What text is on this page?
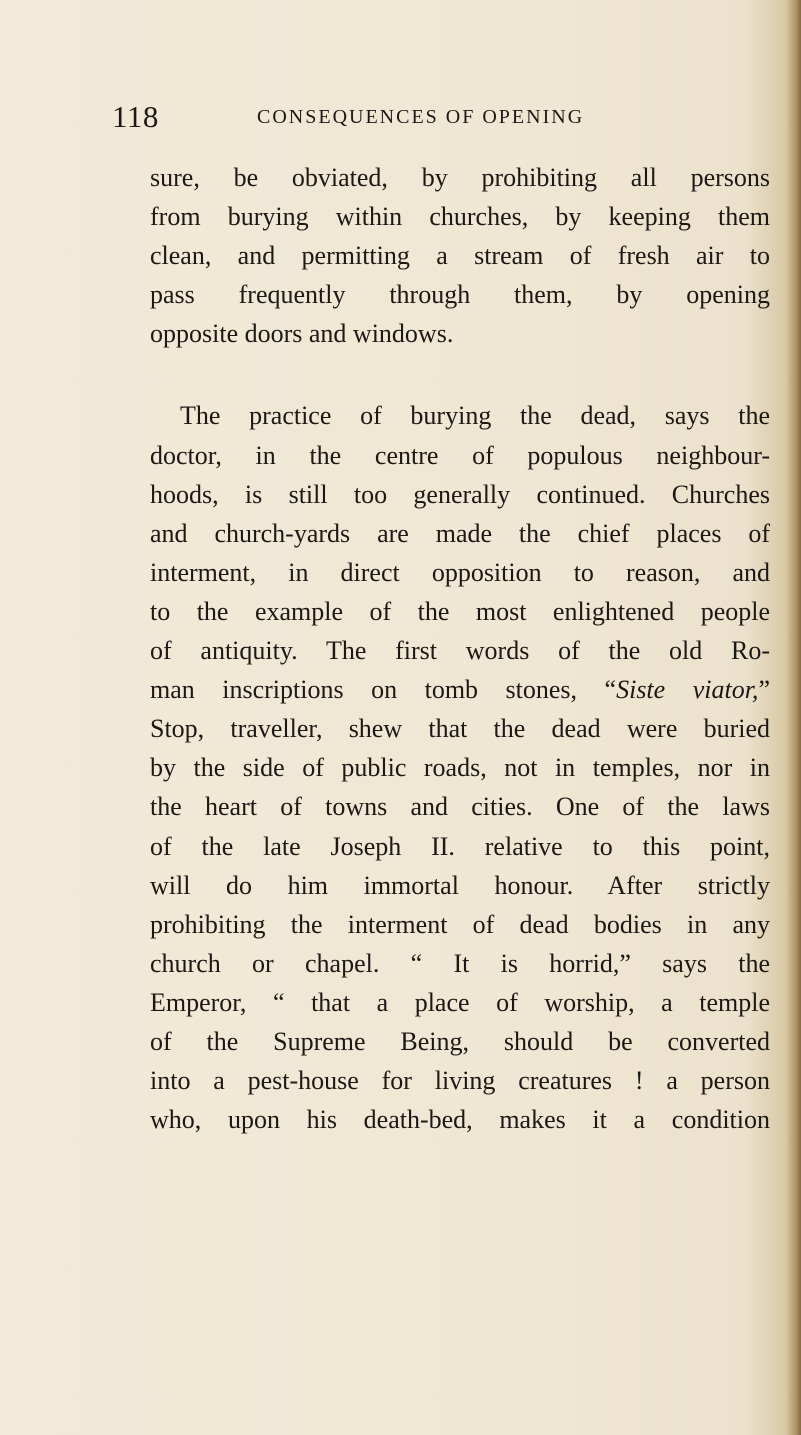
118	CONSEQUENCES OF OPENING
sure, be obviated, by prohibiting all persons
from burying within churches, by keeping them
clean, and permitting a stream of fresh air to
pass frequently through them, by opening
opposite doors and windows.
The practice of burying the dead, says the
doctor, in the centre of populous neighbour-
hoods, is still too generally continued. Churches
and church-yards are made the chief places of
interment, in direct opposition to reason, and
to the example of the most enlightened people
of antiquity. The first words of the old Ro-
man inscriptions on tomb stones, “Siste viator,”
Stop, traveller, shew that the dead were buried
by the side of public roads, not in temples, nor in
the heart of towns and cities. One of the laws
of the late Joseph II. relative to this point,
will do him immortal honour. After strictly
prohibiting the interment of dead bodies in any
church or chapel. “ It is horrid,” says the
Emperor, “ that a place of worship, a temple
of the Supreme Being, should be converted
into a pest-house for living creatures ! a person
who, upon his death-bed, makes it a condition
